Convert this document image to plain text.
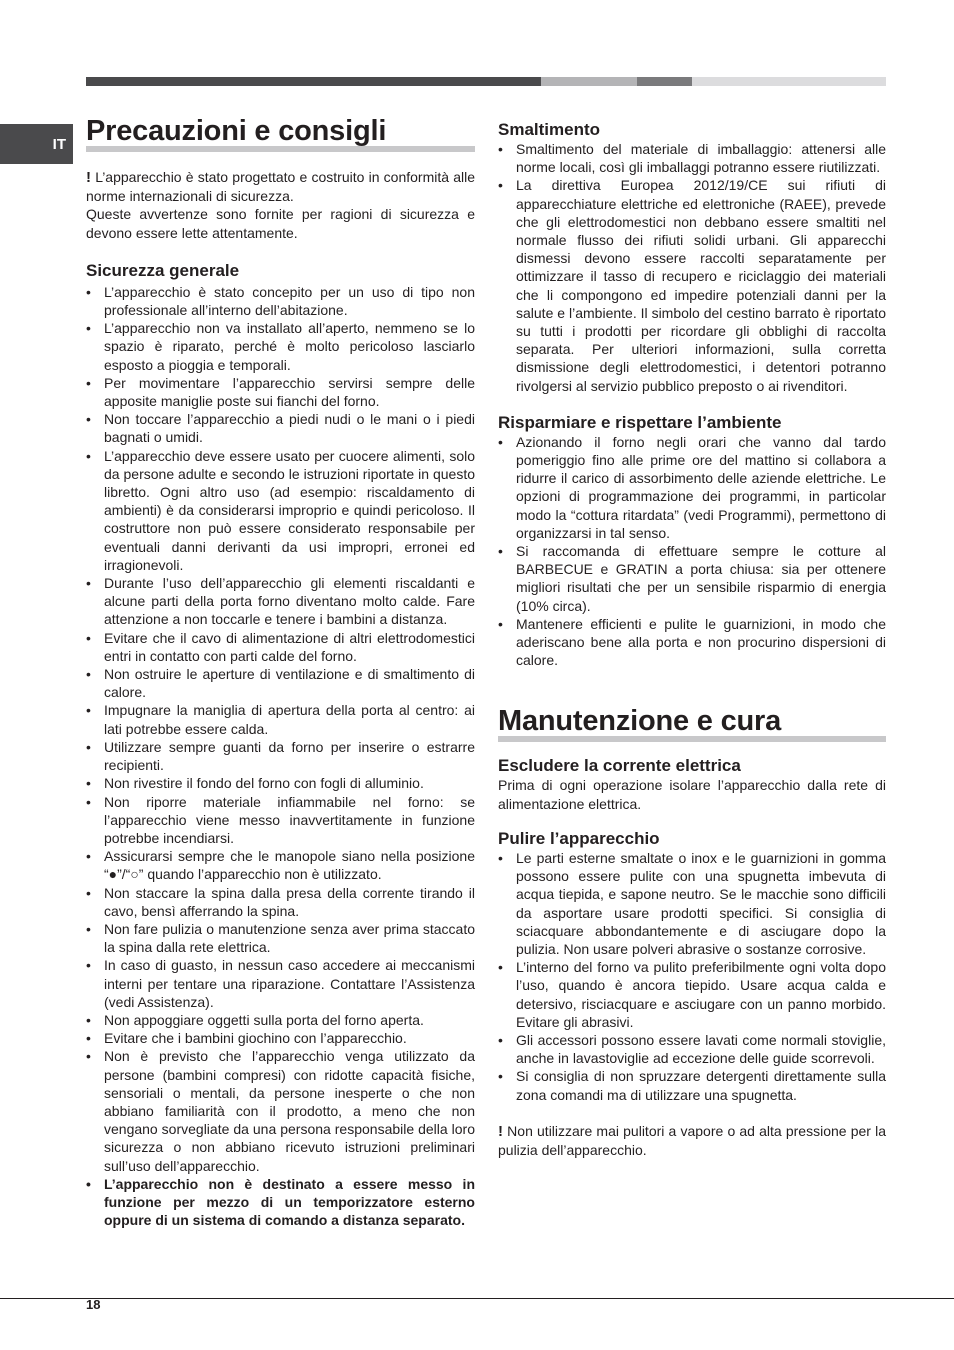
IT Precauzioni e consigli

! L’apparecchio è stato progettato e costruito in conformità alle norme internazionali di sicurezza.

Queste avvertenze sono fornite per ragioni di sicurezza e devono essere lette attentamente.

Sicurezza generale
• L’apparecchio è stato concepito per un uso di tipo non professionale all’interno dell’abitazione.
• L’apparecchio non va installato all’aperto, nemmeno se lo spazio è riparato, perché è molto pericoloso lasciarlo esposto a pioggia e temporali.
• Per movimentare l’apparecchio servirsi sempre delle apposite maniglie poste sui fianchi del forno.
• Non toccare l’apparecchio a piedi nudi o le mani o i piedi bagnati o umidi.
• L’apparecchio deve essere usato per cuocere alimenti, solo da persone adulte e secondo le istruzioni riportate in questo libretto. Ogni altro uso (ad esempio: riscaldamento di ambienti) è da considerarsi improprio e quindi pericoloso. Il costruttore non può essere considerato responsabile per eventuali danni derivanti da usi impropri, erronei ed irragionevoli.
• Durante l’uso dell’apparecchio gli elementi riscaldanti e alcune parti della porta forno diventano molto calde. Fare attenzione a non toccarle e tenere i bambini a distanza.
• Evitare che il cavo di alimentazione di altri elettrodomestici entri in contatto con parti calde del forno.
• Non ostruire le aperture di ventilazione e di smaltimento di calore.
• Impugnare la maniglia di apertura della porta al centro: ai lati potrebbe essere calda.
• Utilizzare sempre guanti da forno per inserire o estrarre recipienti.
• Non rivestire il fondo del forno con fogli di alluminio.
• Non riporre materiale infiammabile nel forno: se l’apparecchio viene messo inavvertitamente in funzione potrebbe incendiarsi.
• Assicurarsi sempre che le manopole siano nella posizione “●”/“○” quando l’apparecchio non è utilizzato.
• Non staccare la spina dalla presa della corrente tirando il cavo, bensì afferrando la spina.
• Non fare pulizia o manutenzione senza aver prima staccato la spina dalla rete elettrica.
• In caso di guasto, in nessun caso accedere ai meccanismi interni per tentare una riparazione. Contattare l’Assistenza (vedi Assistenza).
• Non appoggiare oggetti sulla porta del forno aperta.
• Evitare che i bambini giochino con l’apparecchio.
• Non è previsto che l’apparecchio venga utilizzato da persone (bambini compresi) con ridotte capacità fisiche, sensoriali o mentali, da persone inesperte o che non abbiano familiarità con il prodotto, a meno che non vengano sorvegliate da una persona responsabile della loro sicurezza o non abbiano ricevuto istruzioni preliminari sull’uso dell’apparecchio.
• L’apparecchio non è destinato a essere messo in funzione per mezzo di un temporizzatore esterno oppure di un sistema di comando a distanza separato.
Smaltimento
• Smaltimento del materiale di imballaggio: attenersi alle norme locali, così gli imballaggi potranno essere riutilizzati.
• La direttiva Europea 2012/19/CE sui rifiuti di apparecchiature elettriche ed elettroniche (RAEE), prevede che gli elettrodomestici non debbano essere smaltiti nel normale flusso dei rifiuti solidi urbani. Gli apparecchi dismessi devono essere raccolti separatamente per ottimizzare il tasso di recupero e riciclaggio dei materiali che li compongono ed impedire potenziali danni per la salute e l’ambiente. Il simbolo del cestino barrato è riportato su tutti i prodotti per ricordare gli obblighi di raccolta separata. Per ulteriori informazioni, sulla corretta dismissione degli elettrodomestici, i detentori potranno rivolgersi al servizio pubblico preposto o ai rivenditori.
Risparmiare e rispettare l’ambiente
• Azionando il forno negli orari che vanno dal tardo pomeriggio fino alle prime ore del mattino si collabora a ridurre il carico di assorbimento delle aziende elettriche. Le opzioni di programmazione dei programmi, in particolar modo la “cottura ritardata” (vedi Programmi), permettono di organizzarsi in tal senso.
• Si raccomanda di effettuare sempre le cotture al BARBECUE e GRATIN a porta chiusa: sia per ottenere migliori risultati che per un sensibile risparmio di energia (10% circa).
• Mantenere efficienti e pulite le guarnizioni, in modo che aderiscano bene alla porta e non procurino dispersioni di calore.
Manutenzione e cura
Escludere la corrente elettrica

Prima di ogni operazione isolare l’apparecchio dalla rete di alimentazione elettrica.

Pulire l’apparecchio
• Le parti esterne smaltate o inox e le guarnizioni in gomma possono essere pulite con una spugnetta imbevuta di acqua tiepida, e sapone neutro. Se le macchie sono difficili da asportare usare prodotti specifici. Si consiglia di sciacquare abbondantemente e di asciugare dopo la pulizia. Non usare polveri abrasive o sostanze corrosive.
• L’interno del forno va pulito preferibilmente ogni volta dopo l’uso, quando è ancora tiepido. Usare acqua calda e detersivo, risciacquare e asciugare con un panno morbido. Evitare gli abrasivi.
• Gli accessori possono essere lavati come normali stoviglie, anche in lavastoviglie ad eccezione delle guide scorrevoli.
• Si consiglia di non spruzzare detergenti direttamente sulla zona comandi ma di utilizzare una spugnetta.

! Non utilizzare mai pulitori a vapore o ad alta pressione per la pulizia dell’apparecchio.

18
